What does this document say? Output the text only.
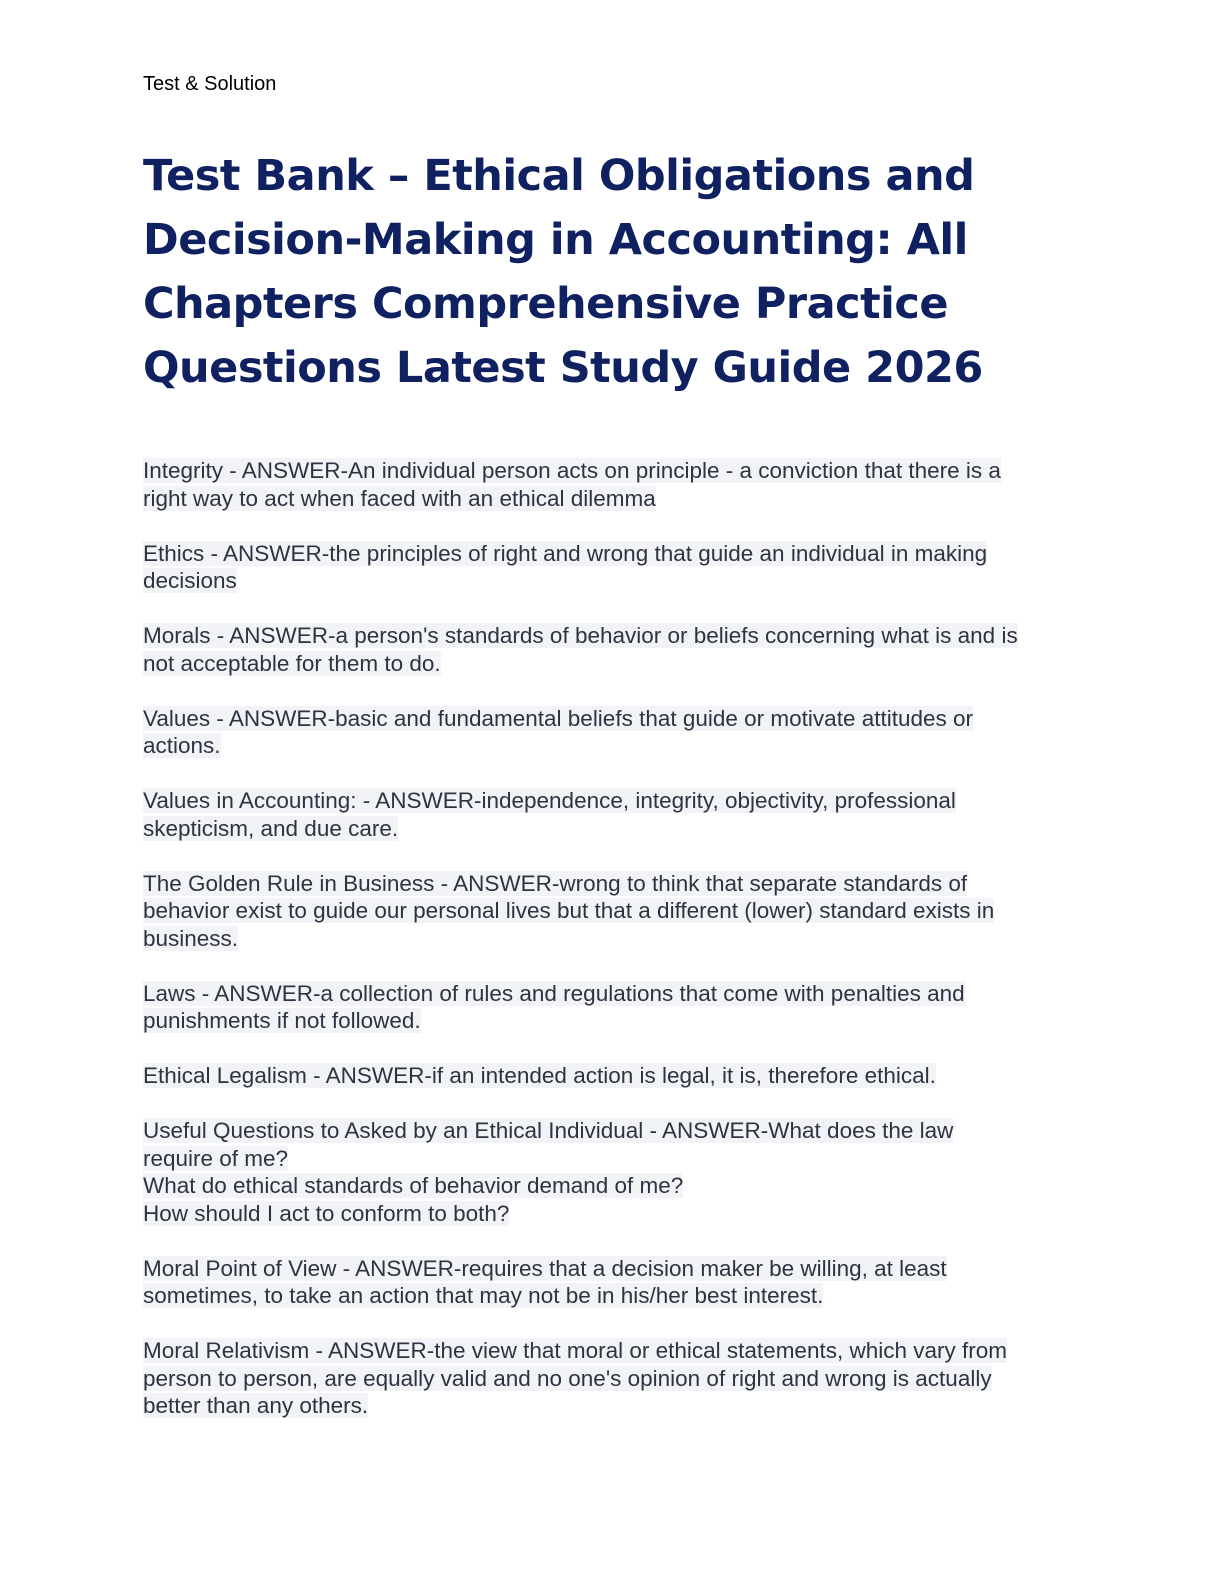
Test & Solution
Test Bank – Ethical Obligations and
Decision-Making in Accounting: All
Chapters Comprehensive Practice
Questions Latest Study Guide 2026
Integrity - ANSWER-An individual person acts on principle - a conviction that there is a
right way to act when faced with an ethical dilemma
Ethics - ANSWER-the principles of right and wrong that guide an individual in making
decisions
Morals - ANSWER-a person's standards of behavior or beliefs concerning what is and is
not acceptable for them to do.
Values - ANSWER-basic and fundamental beliefs that guide or motivate attitudes or
actions.
Values in Accounting: - ANSWER-independence, integrity, objectivity, professional
skepticism, and due care.
The Golden Rule in Business - ANSWER-wrong to think that separate standards of
behavior exist to guide our personal lives but that a different (lower) standard exists in
business.
Laws - ANSWER-a collection of rules and regulations that come with penalties and
punishments if not followed.
Ethical Legalism - ANSWER-if an intended action is legal, it is, therefore ethical.
Useful Questions to Asked by an Ethical Individual - ANSWER-What does the law
require of me?
What do ethical standards of behavior demand of me?
How should I act to conform to both?
Moral Point of View - ANSWER-requires that a decision maker be willing, at least
sometimes, to take an action that may not be in his/her best interest.
Moral Relativism - ANSWER-the view that moral or ethical statements, which vary from
person to person, are equally valid and no one's opinion of right and wrong is actually
better than any others.
